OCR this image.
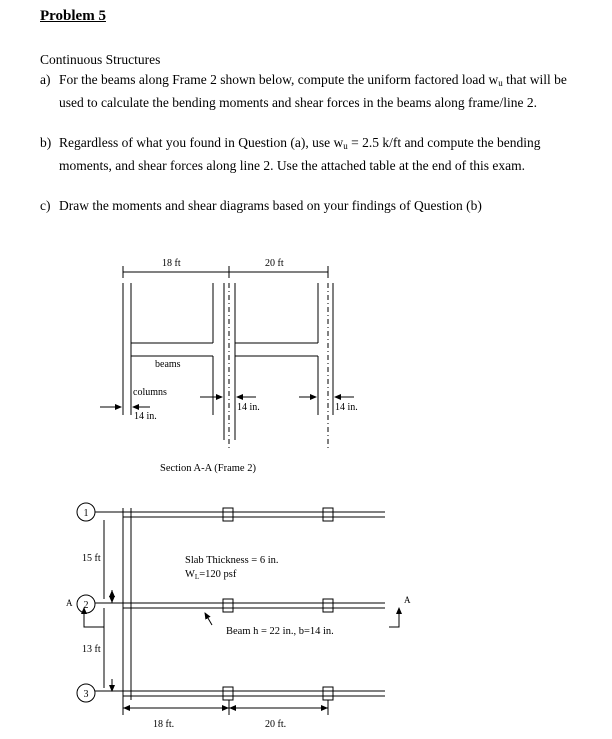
Problem 5
Continuous Structures
a) For the beams along Frame 2 shown below, compute the uniform factored load $w_u$ that will be used to calculate the bending moments and shear forces in the beams along frame/line 2.
b) Regardless of what you found in Question (a), use $w_u = 2.5$ k/ft and compute the bending moments, and shear forces along line 2. Use the attached table at the end of this exam.
c) Draw the moments and shear diagrams based on your findings of Question (b)
18 ft	20 ft
beams
columns
14 in.
14 in.	14 in.
Section A-A (Frame 2)
1
2
3
15 ft
13 ft
A	A
Slab Thickness = 6 in.
WL=120 psf
Beam h = 22 in., b=14 in.
18 ft.	20 ft.
